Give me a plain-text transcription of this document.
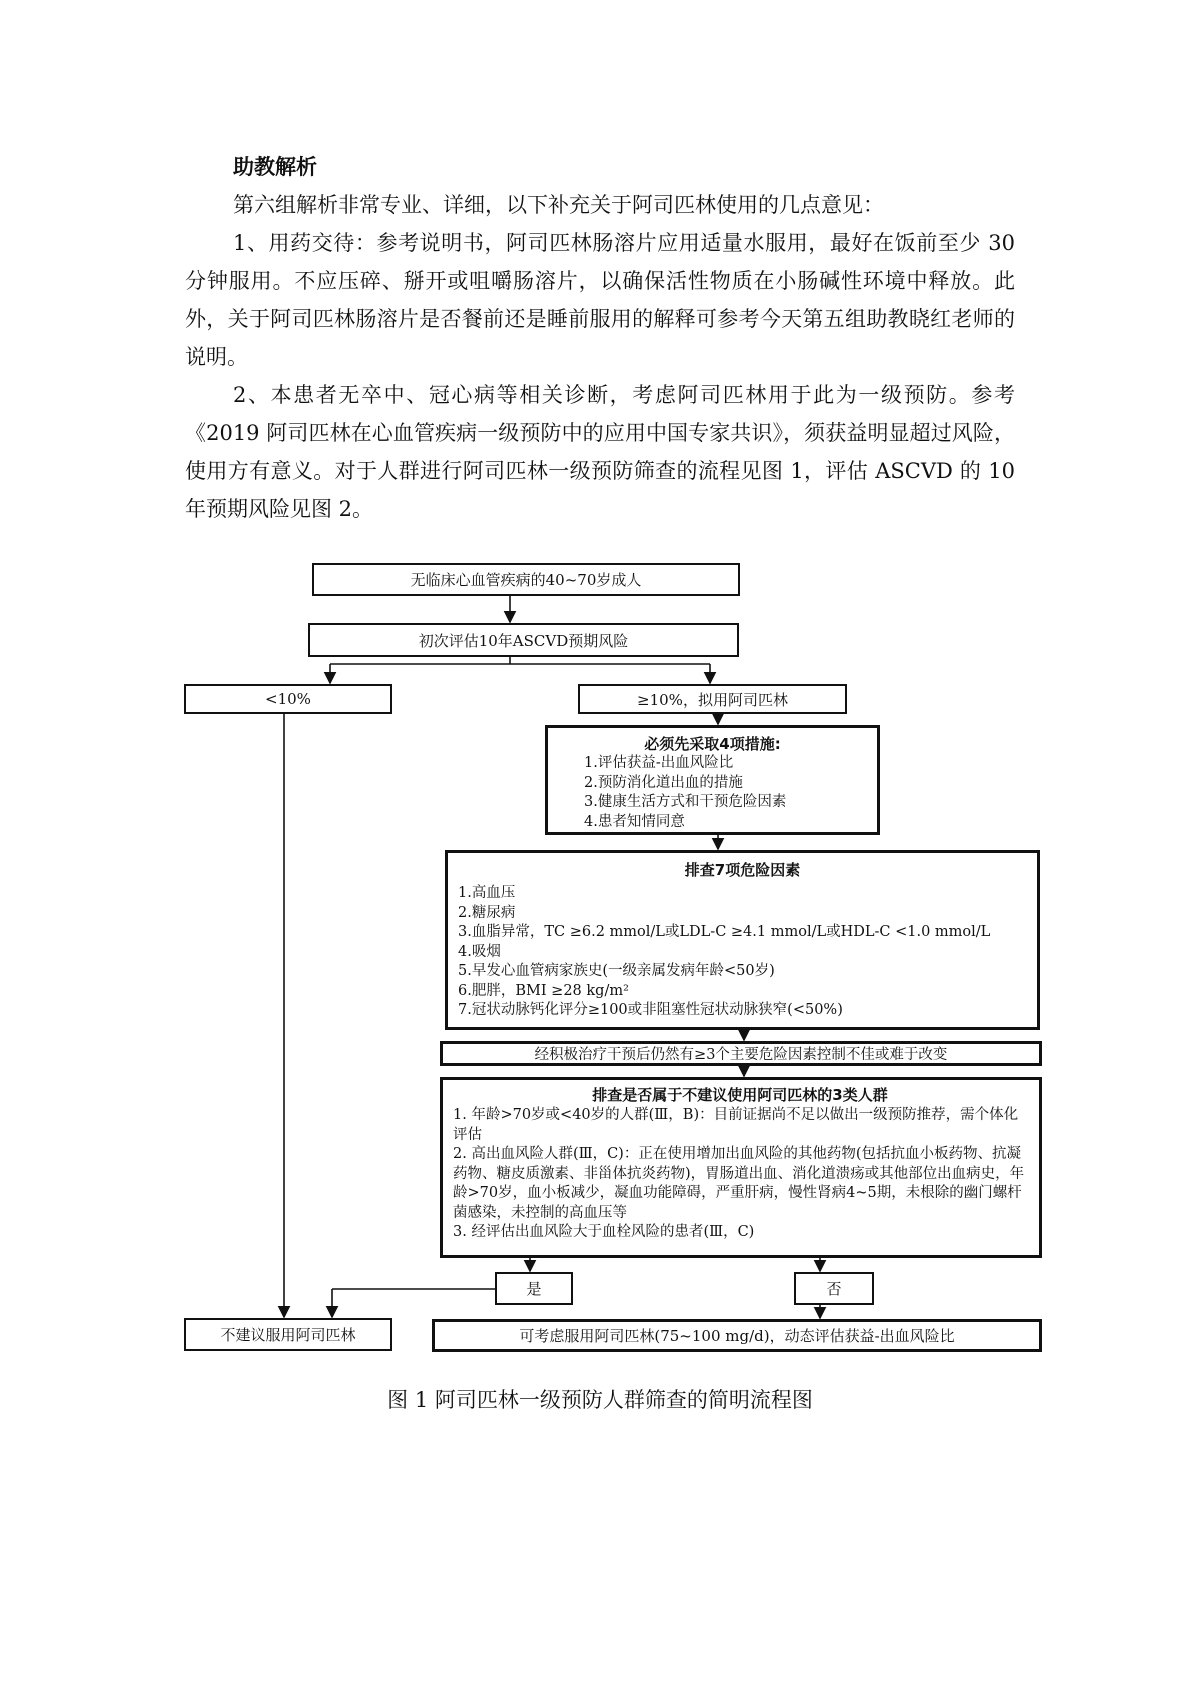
助教解析

第六组解析非常专业、详细，以下补充关于阿司匹林使用的几点意见：

1、用药交待：参考说明书，阿司匹林肠溶片应用适量水服用，最好在饭前至少 30 分钟服用。不应压碎、掰开或咀嚼肠溶片，以确保活性物质在小肠碱性环境中释放。此外，关于阿司匹林肠溶片是否餐前还是睡前服用的解释可参考今天第五组助教晓红老师的说明。

2、本患者无卒中、冠心病等相关诊断，考虑阿司匹林用于此为一级预防。参考《2019 阿司匹林在心血管疾病一级预防中的应用中国专家共识》，须获益明显超过风险，使用方有意义。对于人群进行阿司匹林一级预防筛查的流程见图 1，评估 ASCVD 的 10 年预期风险见图 2。

无临床心血管疾病的40~70岁成人
初次评估10年ASCVD预期风险
<10%	≥10%，拟用阿司匹林
必须先采取4项措施:
1.评估获益-出血风险比
2.预防消化道出血的措施
3.健康生活方式和干预危险因素
4.患者知情同意
排查7项危险因素
1.高血压
2.糖尿病
3.血脂异常，TC ≥6.2 mmol/L或LDL-C ≥4.1 mmol/L或HDL-C <1.0 mmol/L
4.吸烟
5.早发心血管病家族史(一级亲属发病年龄<50岁)
6.肥胖，BMI ≥28 kg/m²
7.冠状动脉钙化评分≥100或非阻塞性冠状动脉狭窄(<50%)
经积极治疗干预后仍然有≥3个主要危险因素控制不佳或难于改变
排查是否属于不建议使用阿司匹林的3类人群
1. 年龄>70岁或<40岁的人群(Ⅲ，B)：目前证据尚不足以做出一级预防推荐，需个体化评估
2. 高出血风险人群(Ⅲ，C)：正在使用增加出血风险的其他药物(包括抗血小板药物、抗凝药物、糖皮质激素、非甾体抗炎药物)，胃肠道出血、消化道溃疡或其他部位出血病史，年龄>70岁，血小板减少，凝血功能障碍，严重肝病，慢性肾病4~5期，未根除的幽门螺杆菌感染，未控制的高血压等
3. 经评估出血风险大于血栓风险的患者(Ⅲ，C)
是	否
不建议服用阿司匹林	可考虑服用阿司匹林(75~100 mg/d)，动态评估获益-出血风险比
图 1 阿司匹林一级预防人群筛查的简明流程图
